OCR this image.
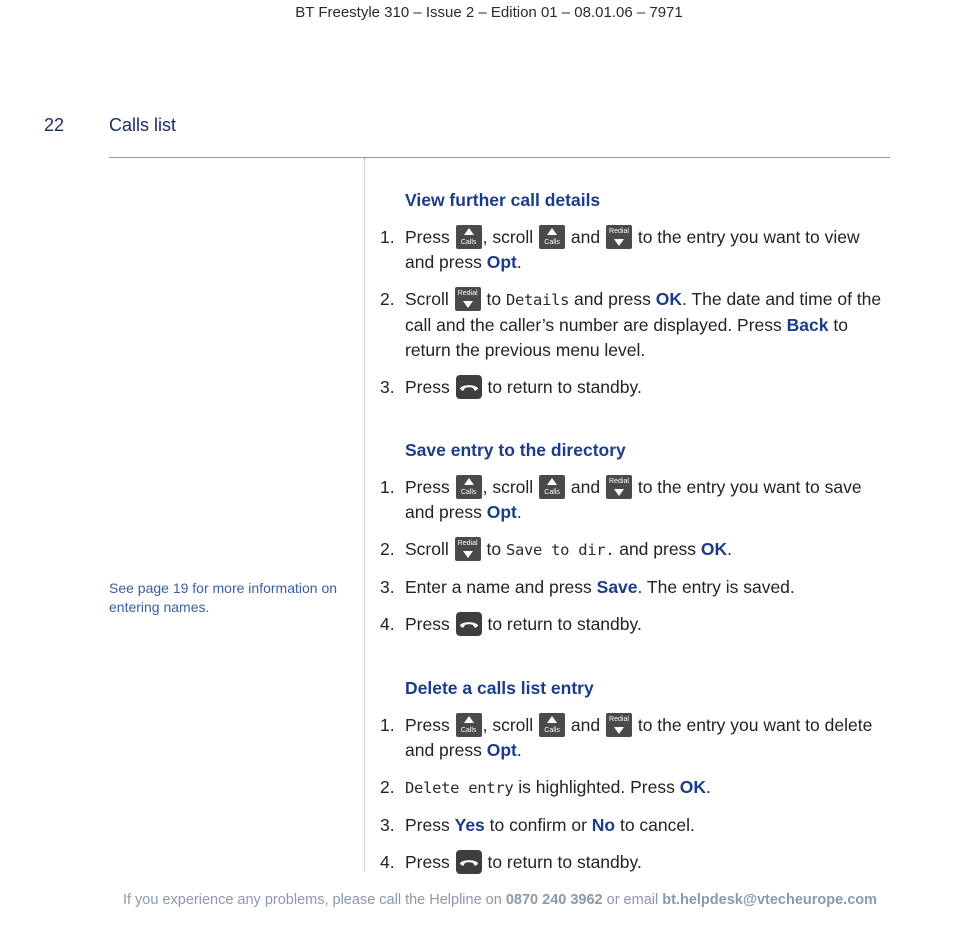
BT Freestyle 310 – Issue 2 – Edition 01 – 08.01.06 – 7971
22 Calls list
See page 19 for more information on entering names.
View further call details
1. Press Calls , scroll Calls and Redial to the entry you want to view and press Opt.
2. Scroll Redial to Details and press OK. The date and time of the call and the caller’s number are displayed. Press Back to return the previous menu level.
3. Press
to return to standby.
Save entry to the directory
1. Press Calls , scroll Calls and Redial to the entry you want to save and press Opt.
2. Scroll Redial to Save to dir. and press OK.
3. Enter a name and press Save. The entry is saved.
4. Press
to return to standby.
Delete a calls list entry
1. Press Calls , scroll Calls and Redial to the entry you want to delete and press Opt.
2. Delete entry is highlighted. Press OK.
3. Press Yes to confirm or No to cancel.
4. Press
to return to standby.
If you experience any problems, please call the Helpline on 0870 240 3962 or email bt.helpdesk@vtecheurope.com
